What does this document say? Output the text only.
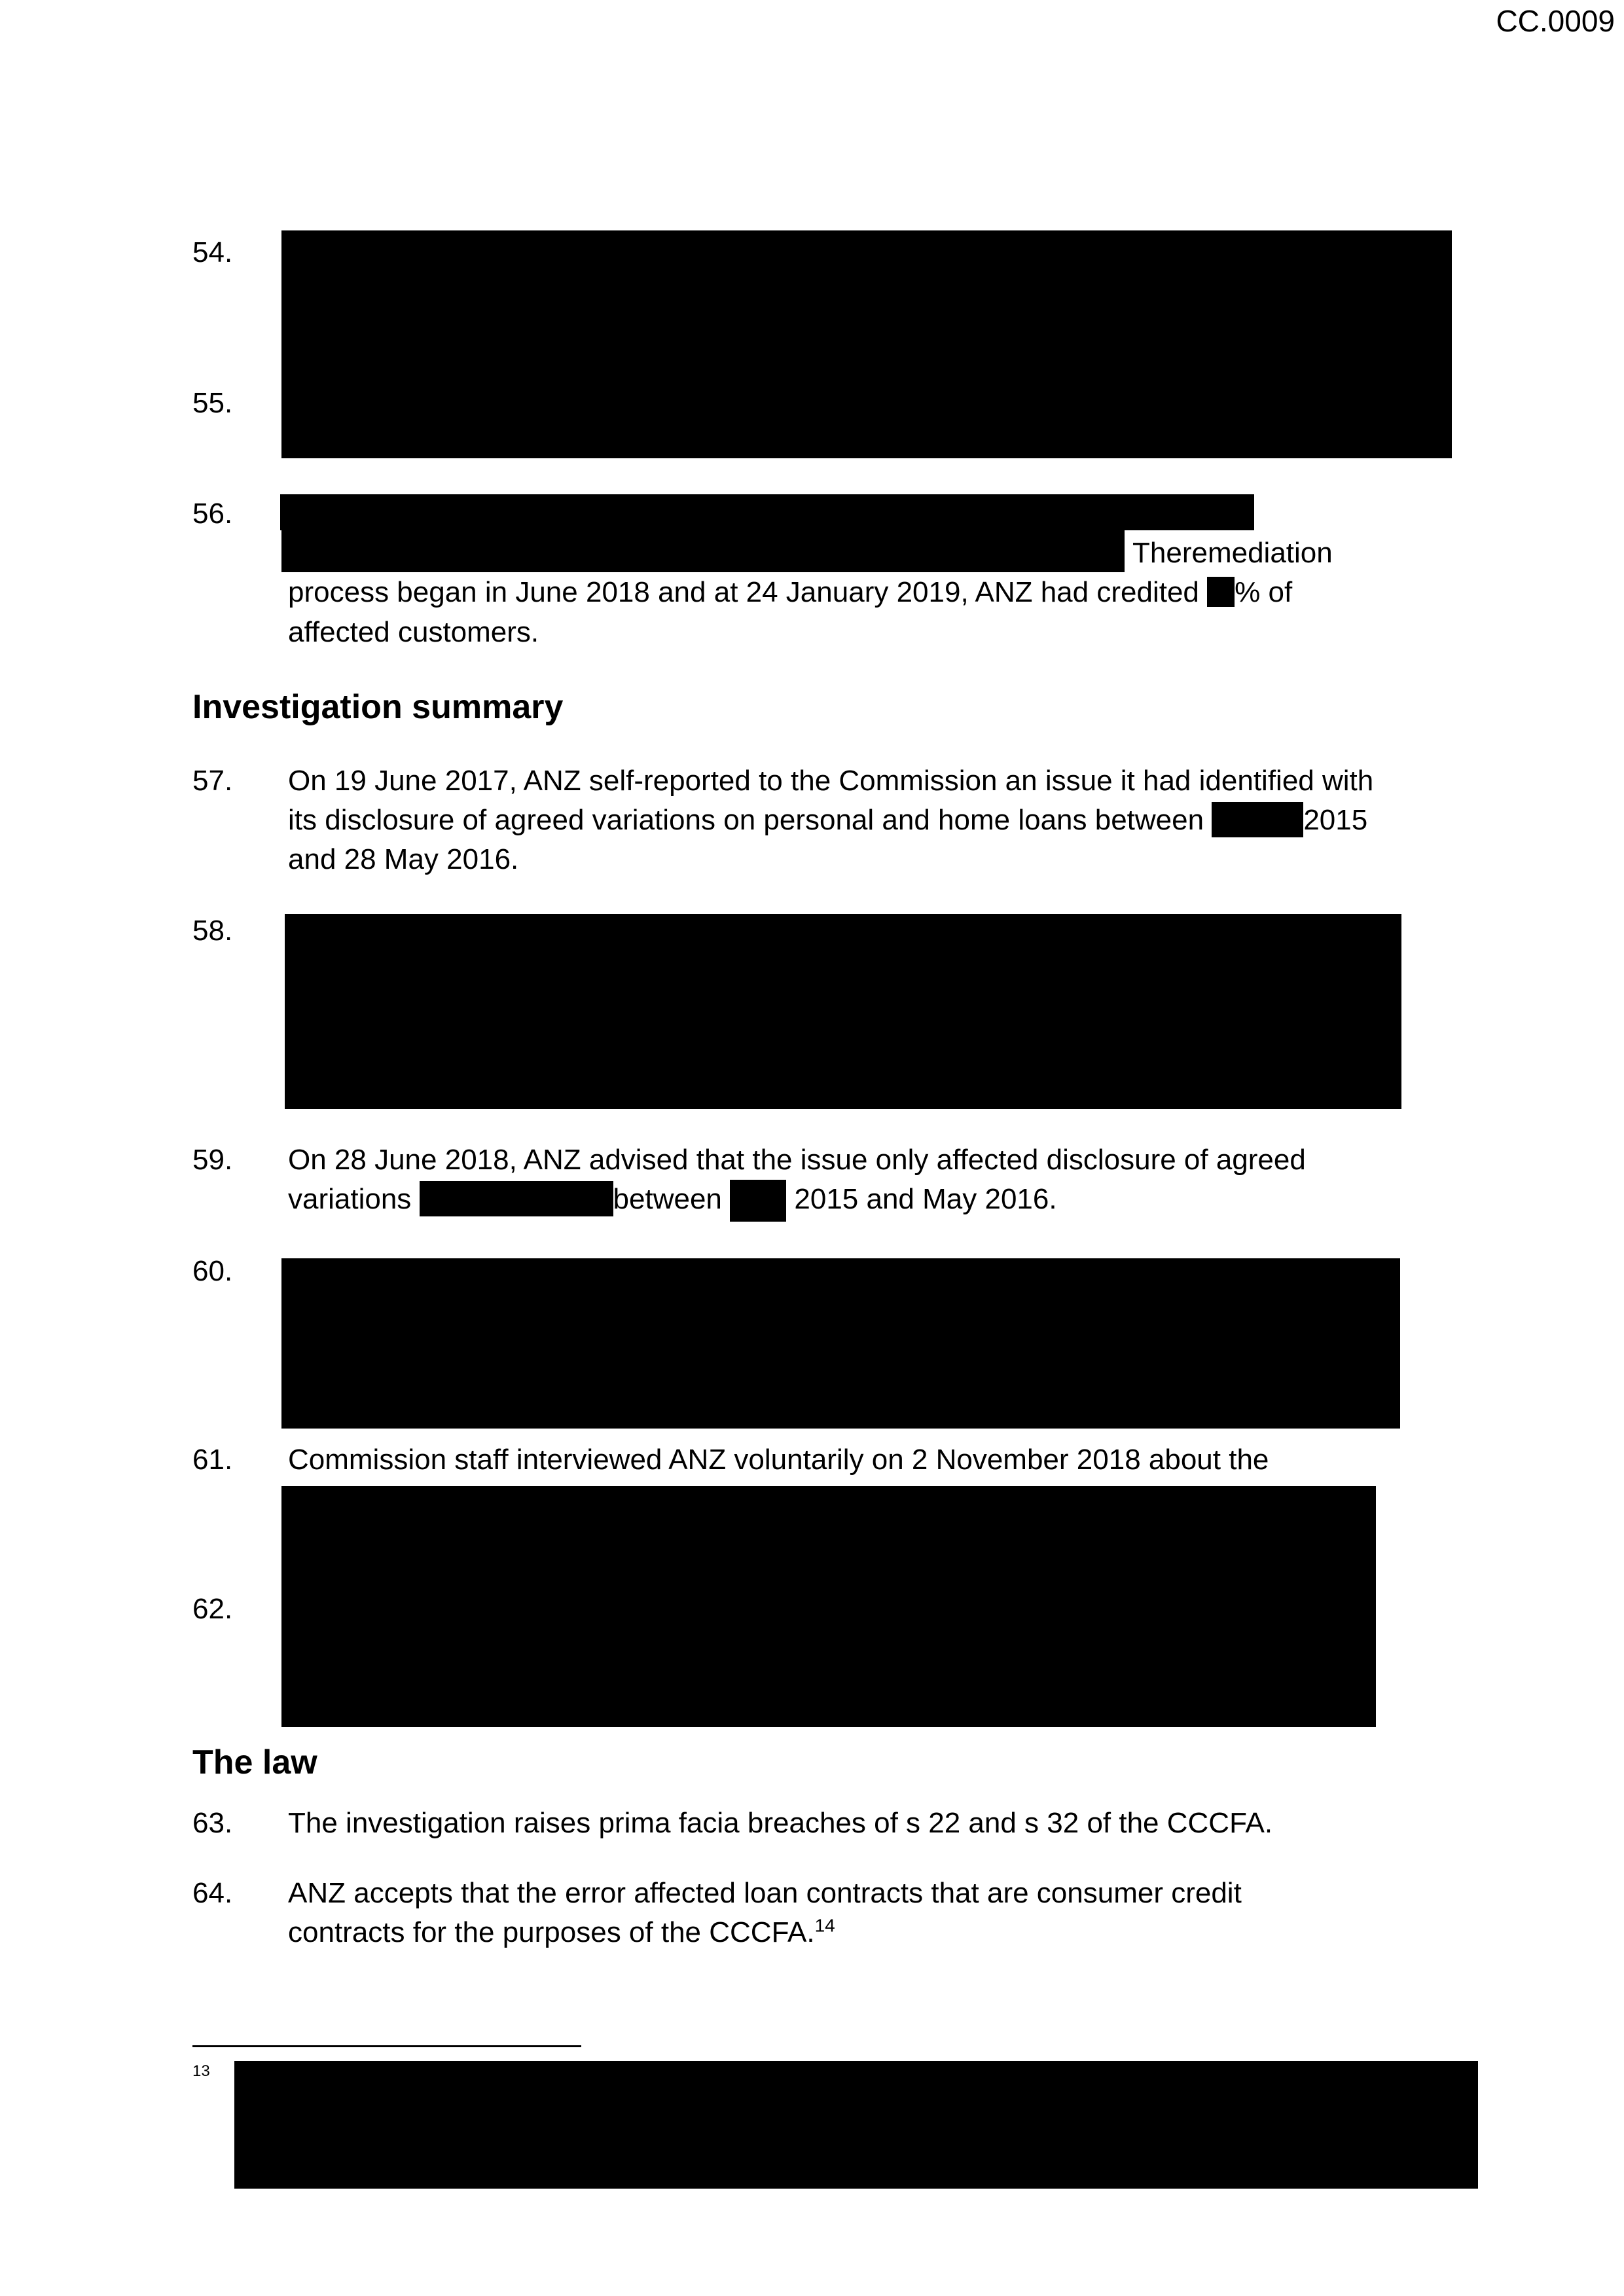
CC.0009
54.
55.
56.
Theremediation
process began in June 2018 and at 24 January 2019, ANZ had credited % of
affected customers.
Investigation summary
57. On 19 June 2017, ANZ self-reported to the Commission an issue it had identified with
its disclosure of agreed variations on personal and home loans between	2015
and 28 May 2016.
58.
59. On 28 June 2018, ANZ advised that the issue only affected disclosure of agreed
variations	between	2015 and May 2016.
60.
61. Commission staff interviewed ANZ voluntarily on 2 November 2018 about the
62.
The law
63. The investigation raises prima facia breaches of s 22 and s 32 of the CCCFA.
64. ANZ accepts that the error affected loan contracts that are consumer credit
contracts for the purposes of the CCCFA.$^{14}$
13
